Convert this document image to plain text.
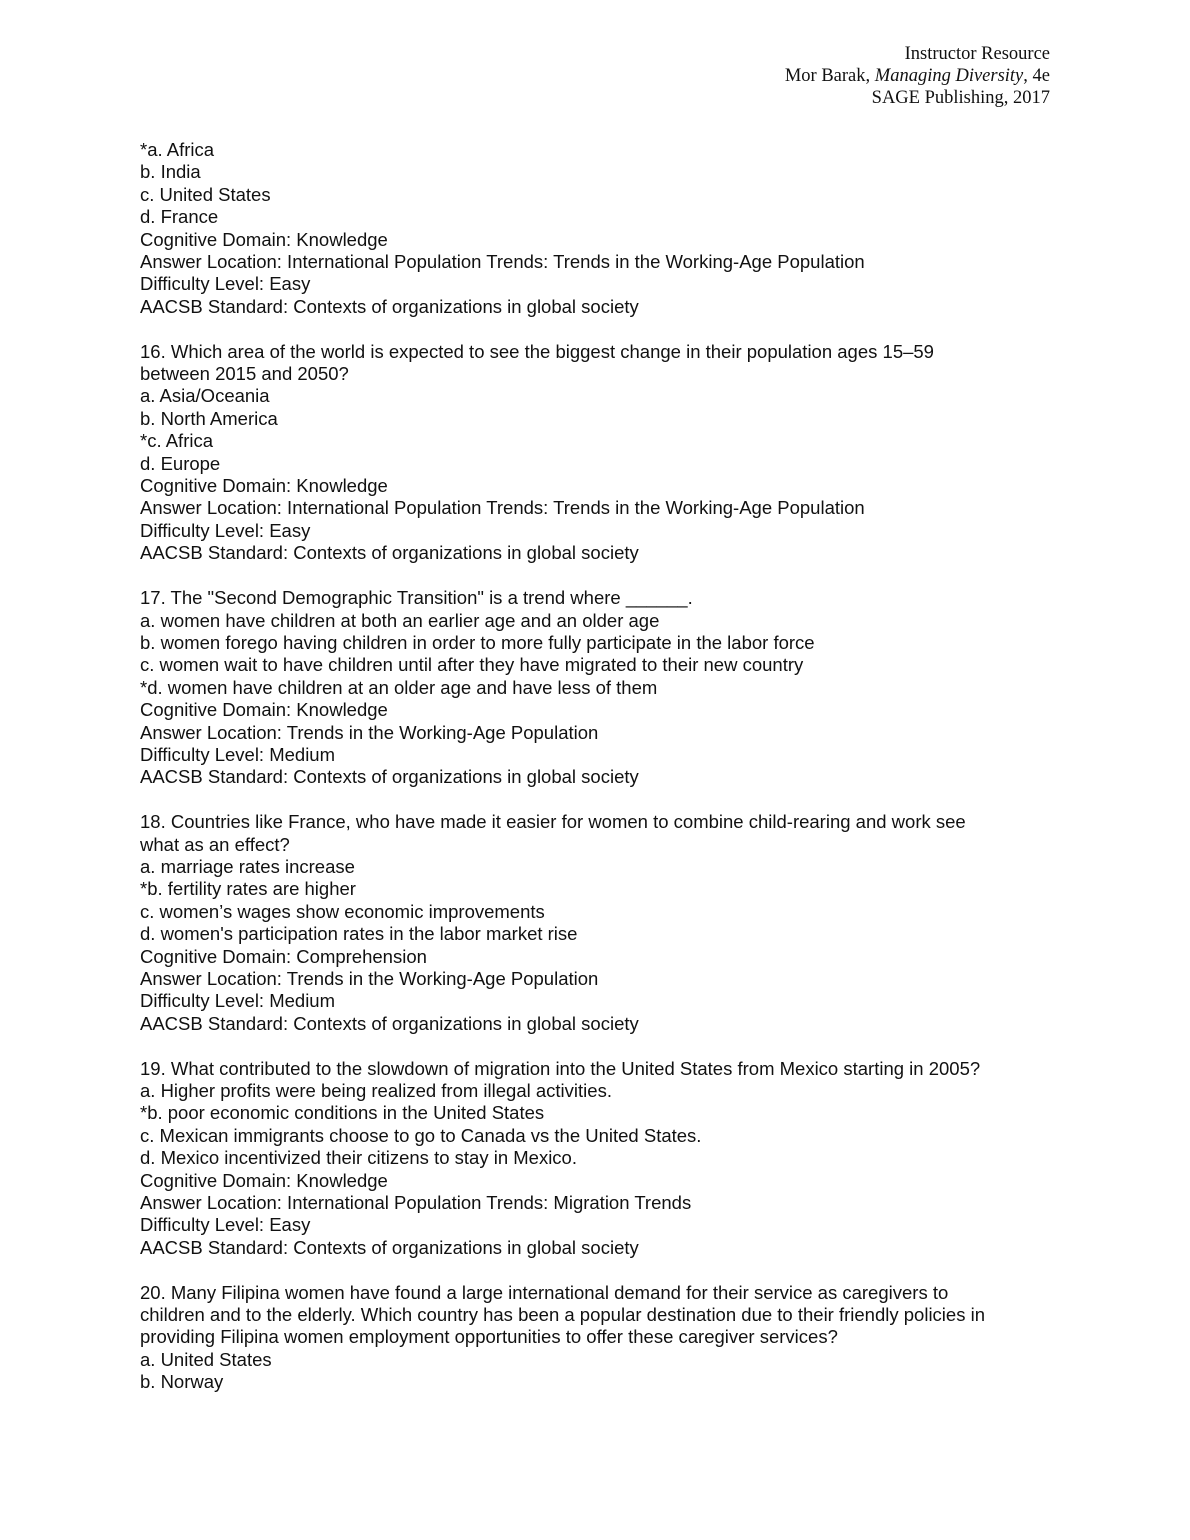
Instructor Resource
Mor Barak, Managing Diversity, 4e
SAGE Publishing, 2017
*a. Africa
b. India
c. United States
d. France
Cognitive Domain: Knowledge
Answer Location: International Population Trends: Trends in the Working-Age Population
Difficulty Level: Easy
AACSB Standard: Contexts of organizations in global society
16. Which area of the world is expected to see the biggest change in their population ages 15–59
between 2015 and 2050?
a. Asia/Oceania
b. North America
*c. Africa
d. Europe
Cognitive Domain: Knowledge
Answer Location: International Population Trends: Trends in the Working-Age Population
Difficulty Level: Easy
AACSB Standard: Contexts of organizations in global society
17. The "Second Demographic Transition" is a trend where ______.
a. women have children at both an earlier age and an older age
b. women forego having children in order to more fully participate in the labor force
c. women wait to have children until after they have migrated to their new country
*d. women have children at an older age and have less of them
Cognitive Domain: Knowledge
Answer Location: Trends in the Working-Age Population
Difficulty Level: Medium
AACSB Standard: Contexts of organizations in global society
18. Countries like France, who have made it easier for women to combine child-rearing and work see
what as an effect?
a. marriage rates increase
*b. fertility rates are higher
c. women’s wages show economic improvements
d. women's participation rates in the labor market rise
Cognitive Domain: Comprehension
Answer Location: Trends in the Working-Age Population
Difficulty Level: Medium
AACSB Standard: Contexts of organizations in global society
19. What contributed to the slowdown of migration into the United States from Mexico starting in 2005?
a. Higher profits were being realized from illegal activities.
*b. poor economic conditions in the United States
c. Mexican immigrants choose to go to Canada vs the United States.
d. Mexico incentivized their citizens to stay in Mexico.
Cognitive Domain: Knowledge
Answer Location: International Population Trends: Migration Trends
Difficulty Level: Easy
AACSB Standard: Contexts of organizations in global society
20. Many Filipina women have found a large international demand for their service as caregivers to
children and to the elderly. Which country has been a popular destination due to their friendly policies in
providing Filipina women employment opportunities to offer these caregiver services?
a. United States
b. Norway
